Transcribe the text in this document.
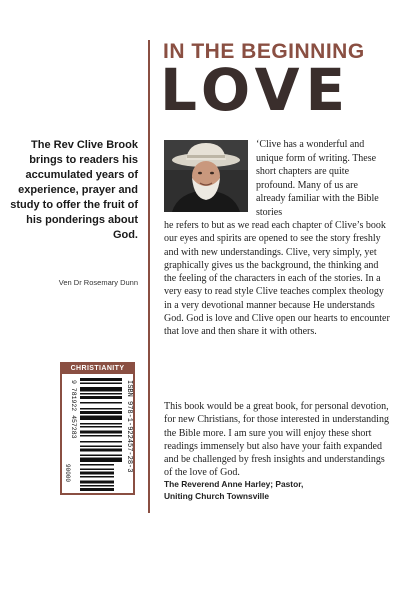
IN THE BEGINNING
LOVE
The Rev Clive Brook brings to readers his accumulated years of experience, prayer and study to offer the fruit of his ponderings about God.
Ven Dr Rosemary Dunn
‘Clive has a wonderful and unique form of writing. These short chapters are quite profound. Many of us are already familiar with the Bible stories
he refers to but as we read each chapter of Clive’s book our eyes and spirits are opened to see the story freshly and with new understandings. Clive, very simply, yet graphically gives us the background, the thinking and the feeling of the characters in each of the stories. In a very easy to read style Clive teaches complex theology in a very devotional manner because He understands God. God is love and Clive open our hearts to encounter that love and then share it with others.
This book would be a great book, for personal devotion, for new Christians, for those interested in understanding the Bible more. I am sure you will enjoy these short readings immensely but also have your faith expanded and be challenged by fresh insights and understandings of the love of God.
The Reverend Anne Harley; Pastor,
Uniting Church Townsville
CHRISTIANITY
ISBN 978-1-922457-28-3
9 781922 457283
90000
